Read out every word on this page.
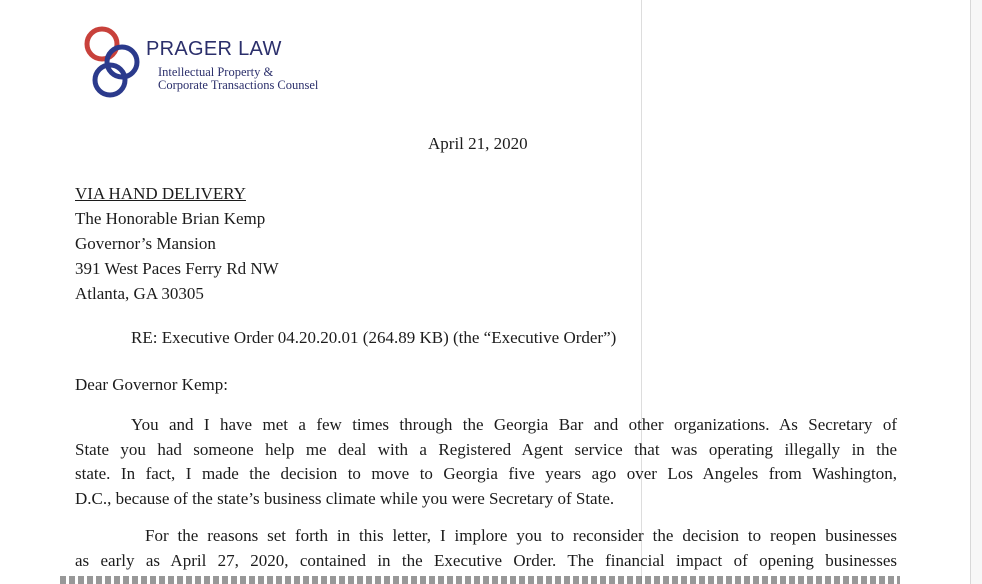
PRAGER LAW
Intellectual Property &
Corporate Transactions Counsel
April 21, 2020
VIA HAND DELIVERY
The Honorable Brian Kemp
Governor’s Mansion
391 West Paces Ferry Rd NW
Atlanta, GA 30305
RE: Executive Order 04.20.20.01 (264.89 KB) (the “Executive Order”)
Dear Governor Kemp:
You and I have met a few times through the Georgia Bar and other organizations. As Secretary of
State you had someone help me deal with a Registered Agent service that was operating illegally in the
state. In fact, I made the decision to move to Georgia five years ago over Los Angeles from Washington,
D.C., because of the state’s business climate while you were Secretary of State.
For the reasons set forth in this letter, I implore you to reconsider the decision to reopen businesses
as early as April 27, 2020, contained in the Executive Order. The financial impact of opening businesses
